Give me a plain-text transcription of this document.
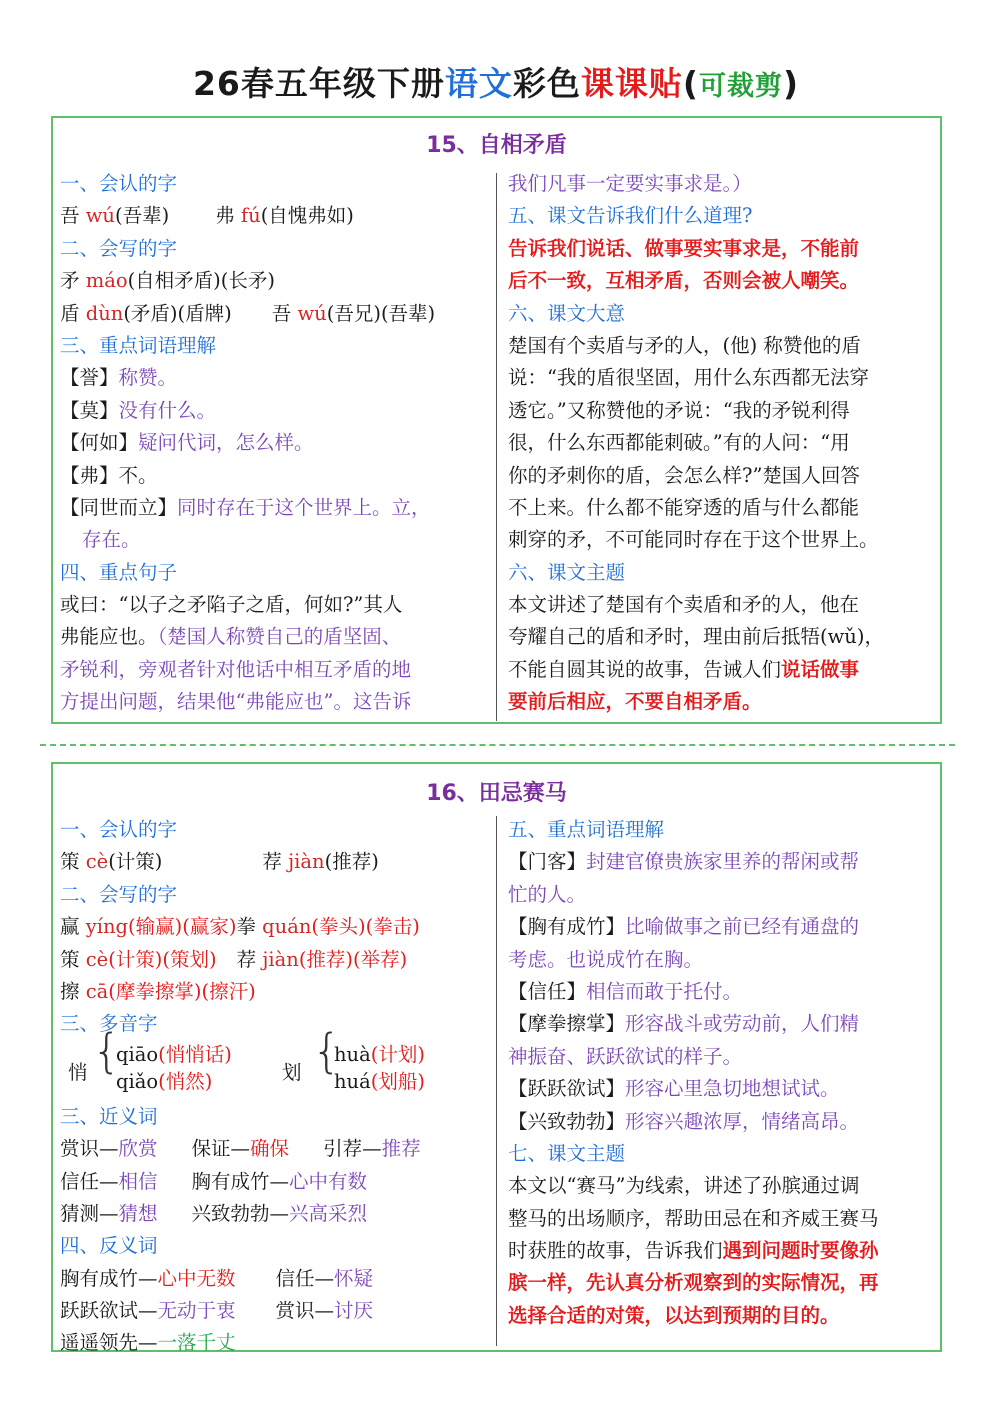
26春五年级下册语文彩色课课贴(可裁剪)
15、自相矛盾
一、会认的字
吾 wú(吾辈) 弗 fú(自愧弗如)
二、会写的字
矛 máo(自相矛盾)(长矛)
盾 dùn(矛盾)(盾牌) 吾 wú(吾兄)(吾辈)
三、重点词语理解
【誉】称赞。
【莫】没有什么。
【何如】疑问代词，怎么样。
【弗】不。
【同世而立】同时存在于这个世界上。立，
存在。
四、重点句子
或曰：“以子之矛陷子之盾，何如?”其人
弗能应也。（楚国人称赞自己的盾坚固、
矛锐利，旁观者针对他话中相互矛盾的地
方提出问题，结果他“弗能应也”。这告诉
我们凡事一定要实事求是。）
五、课文告诉我们什么道理?
告诉我们说话、做事要实事求是，不能前
后不一致，互相矛盾，否则会被人嘲笑。
六、课文大意
楚国有个卖盾与矛的人，(他) 称赞他的盾
说：“我的盾很坚固，用什么东西都无法穿
透它。”又称赞他的矛说：“我的矛锐利得
很，什么东西都能刺破。”有的人问：“用
你的矛刺你的盾，会怎么样?”楚国人回答
不上来。什么都不能穿透的盾与什么都能
刺穿的矛，不可能同时存在于这个世界上。
六、课文主题
本文讲述了楚国有个卖盾和矛的人，他在
夸耀自己的盾和矛时，理由前后抵牾(wǔ)，
不能自圆其说的故事，告诫人们说话做事
要前后相应，不要自相矛盾。
16、田忌赛马
一、会认的字
策 cè(计策)	荐 jiàn(推荐)
二、会写的字
赢 yíng(输赢)(赢家)拳 quán(拳头)(拳击)
策 cè(计策)(策划) 荐 jiàn(推荐)(举荐)
擦 cā(摩拳擦掌)(擦汗)
三、多音字
悄 {
qiāo(悄悄话)
qiǎo(悄然)	划 {
huà(计划)
huá(划船)
三、近义词
赏识—欣赏 保证—确保 引荐—推荐
信任—相信 胸有成竹—心中有数
猜测—猜想 兴致勃勃—兴高采烈
四、反义词
胸有成竹—心中无数 信任—怀疑
跃跃欲试—无动于衷 赏识—讨厌
遥遥领先—一落千丈
五、重点词语理解
【门客】封建官僚贵族家里养的帮闲或帮
忙的人。
【胸有成竹】比喻做事之前已经有通盘的
考虑。也说成竹在胸。
【信任】相信而敢于托付。
【摩拳擦掌】形容战斗或劳动前，人们精
神振奋、跃跃欲试的样子。
【跃跃欲试】形容心里急切地想试试。
【兴致勃勃】形容兴趣浓厚，情绪高昂。
七、课文主题
本文以“赛马”为线索，讲述了孙膑通过调
整马的出场顺序，帮助田忌在和齐威王赛马
时获胜的故事，告诉我们遇到问题时要像孙
膑一样，先认真分析观察到的实际情况，再
选择合适的对策，以达到预期的目的。
